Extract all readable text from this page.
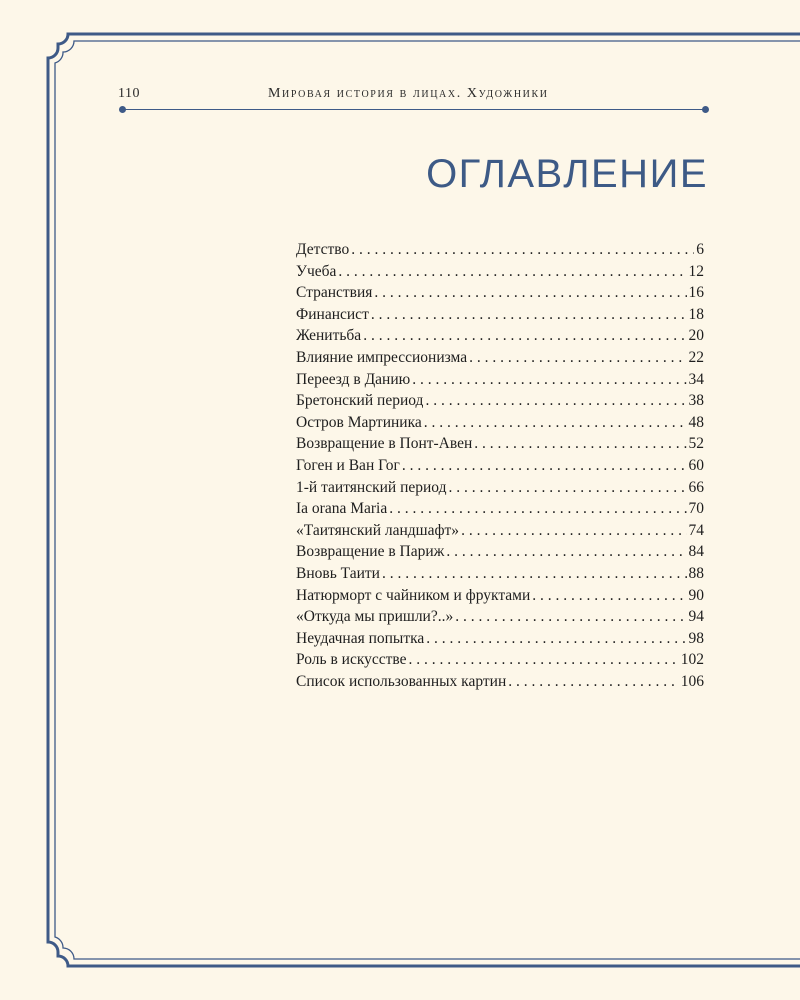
110	Мировая история в лицах. Художники
ОГЛАВЛЕНИЕ
Детство . . .	6
Учеба . . .	12
Странствия . . .	16
Финансист . . .	18
Женитьба . . .	20
Влияние импрессионизма . . .	22
Переезд в Данию . . .	34
Бретонский период . . .	38
Остров Мартиника . . .	48
Возвращение в Понт-Авен . . .	52
Гоген и Ван Гог . . .	60
1-й таитянский период . . .	66
Ia orana Maria . . .	70
«Таитянский ландшафт» . . .	74
Возвращение в Париж . . .	84
Вновь Таити . . .	88
Натюрморт с чайником и фруктами . . .	90
«Откуда мы пришли?..» . . .	94
Неудачная попытка . . .	98
Роль в искусстве . . .	102
Список использованных картин . . .	106
